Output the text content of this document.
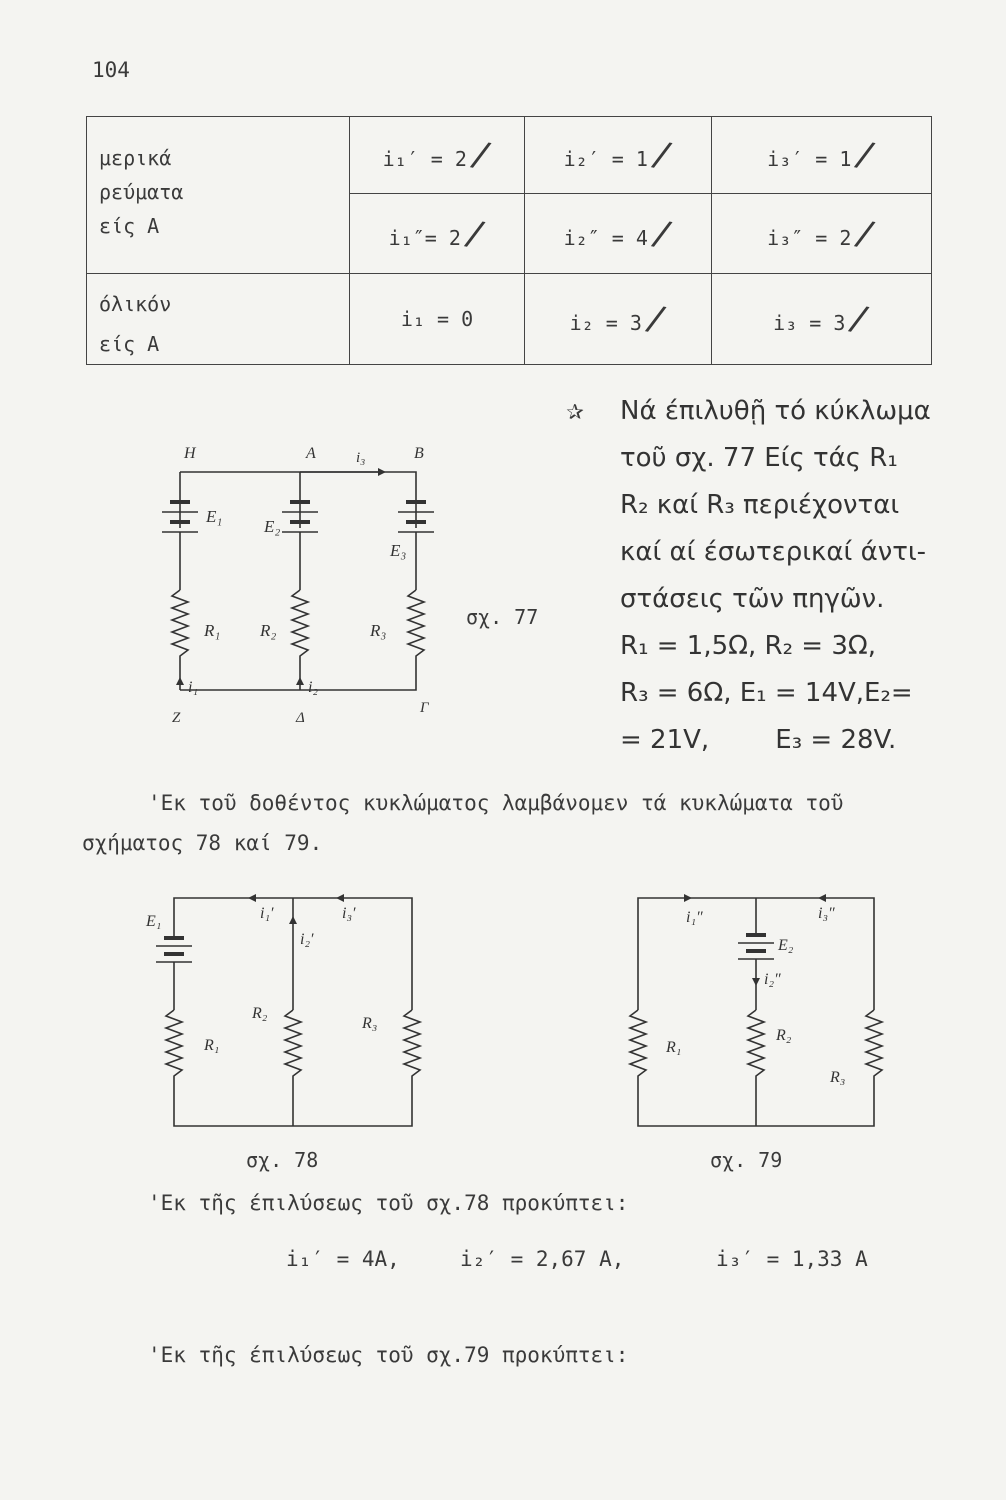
104
μερικά
ρεύματα
είς Α	i₁′ = 2/	i₂′ = 1/	i₃′ = 1/
	i₁″= 2/	i₂″ = 4/	i₃″ = 2/

όλικόν
είς Α	i₁ = 0	i₂ = 3/	i₃ = 3/
✰ Νά έπιλυθῇ τό κύκλωμα

τοῦ σχ. 77 Είς τάς R₁

R₂ καί R₃ περιέχονται

καί αί έσωτερικαί άντι-

στάσεις τῶν πηγῶν.

R₁ = 1,5Ω, R₂ = 3Ω,

R₃ = 6Ω, E₁ = 14V,E₂=

= 21V,        E₃ = 28V.

H	A	B
i₃
E₁
E₂
E₃
R₁ R₂	R₃
i₁	i₂
Z	Δ
Γ
σχ. 77
'Εκ τοῦ δοθέντος κυκλώματος λαμβάνομεν τά κυκλώματα τοῦ
σχήματος 78 καί 79.
E₁	i₁′	i₃′
i₂′
R₂
R₃
R₁
σχ. 78
i₁″	i₃″
E₂
i₂″
R₁
R₂
R₃
σχ. 79
'Εκ τῆς έπιλύσεως τοῦ σχ.78 προκύπτει:
i₁′ = 4A,	i₂′ = 2,67 A,	i₃′ = 1,33 A
'Εκ τῆς έπιλύσεως τοῦ σχ.79 προκύπτει:
